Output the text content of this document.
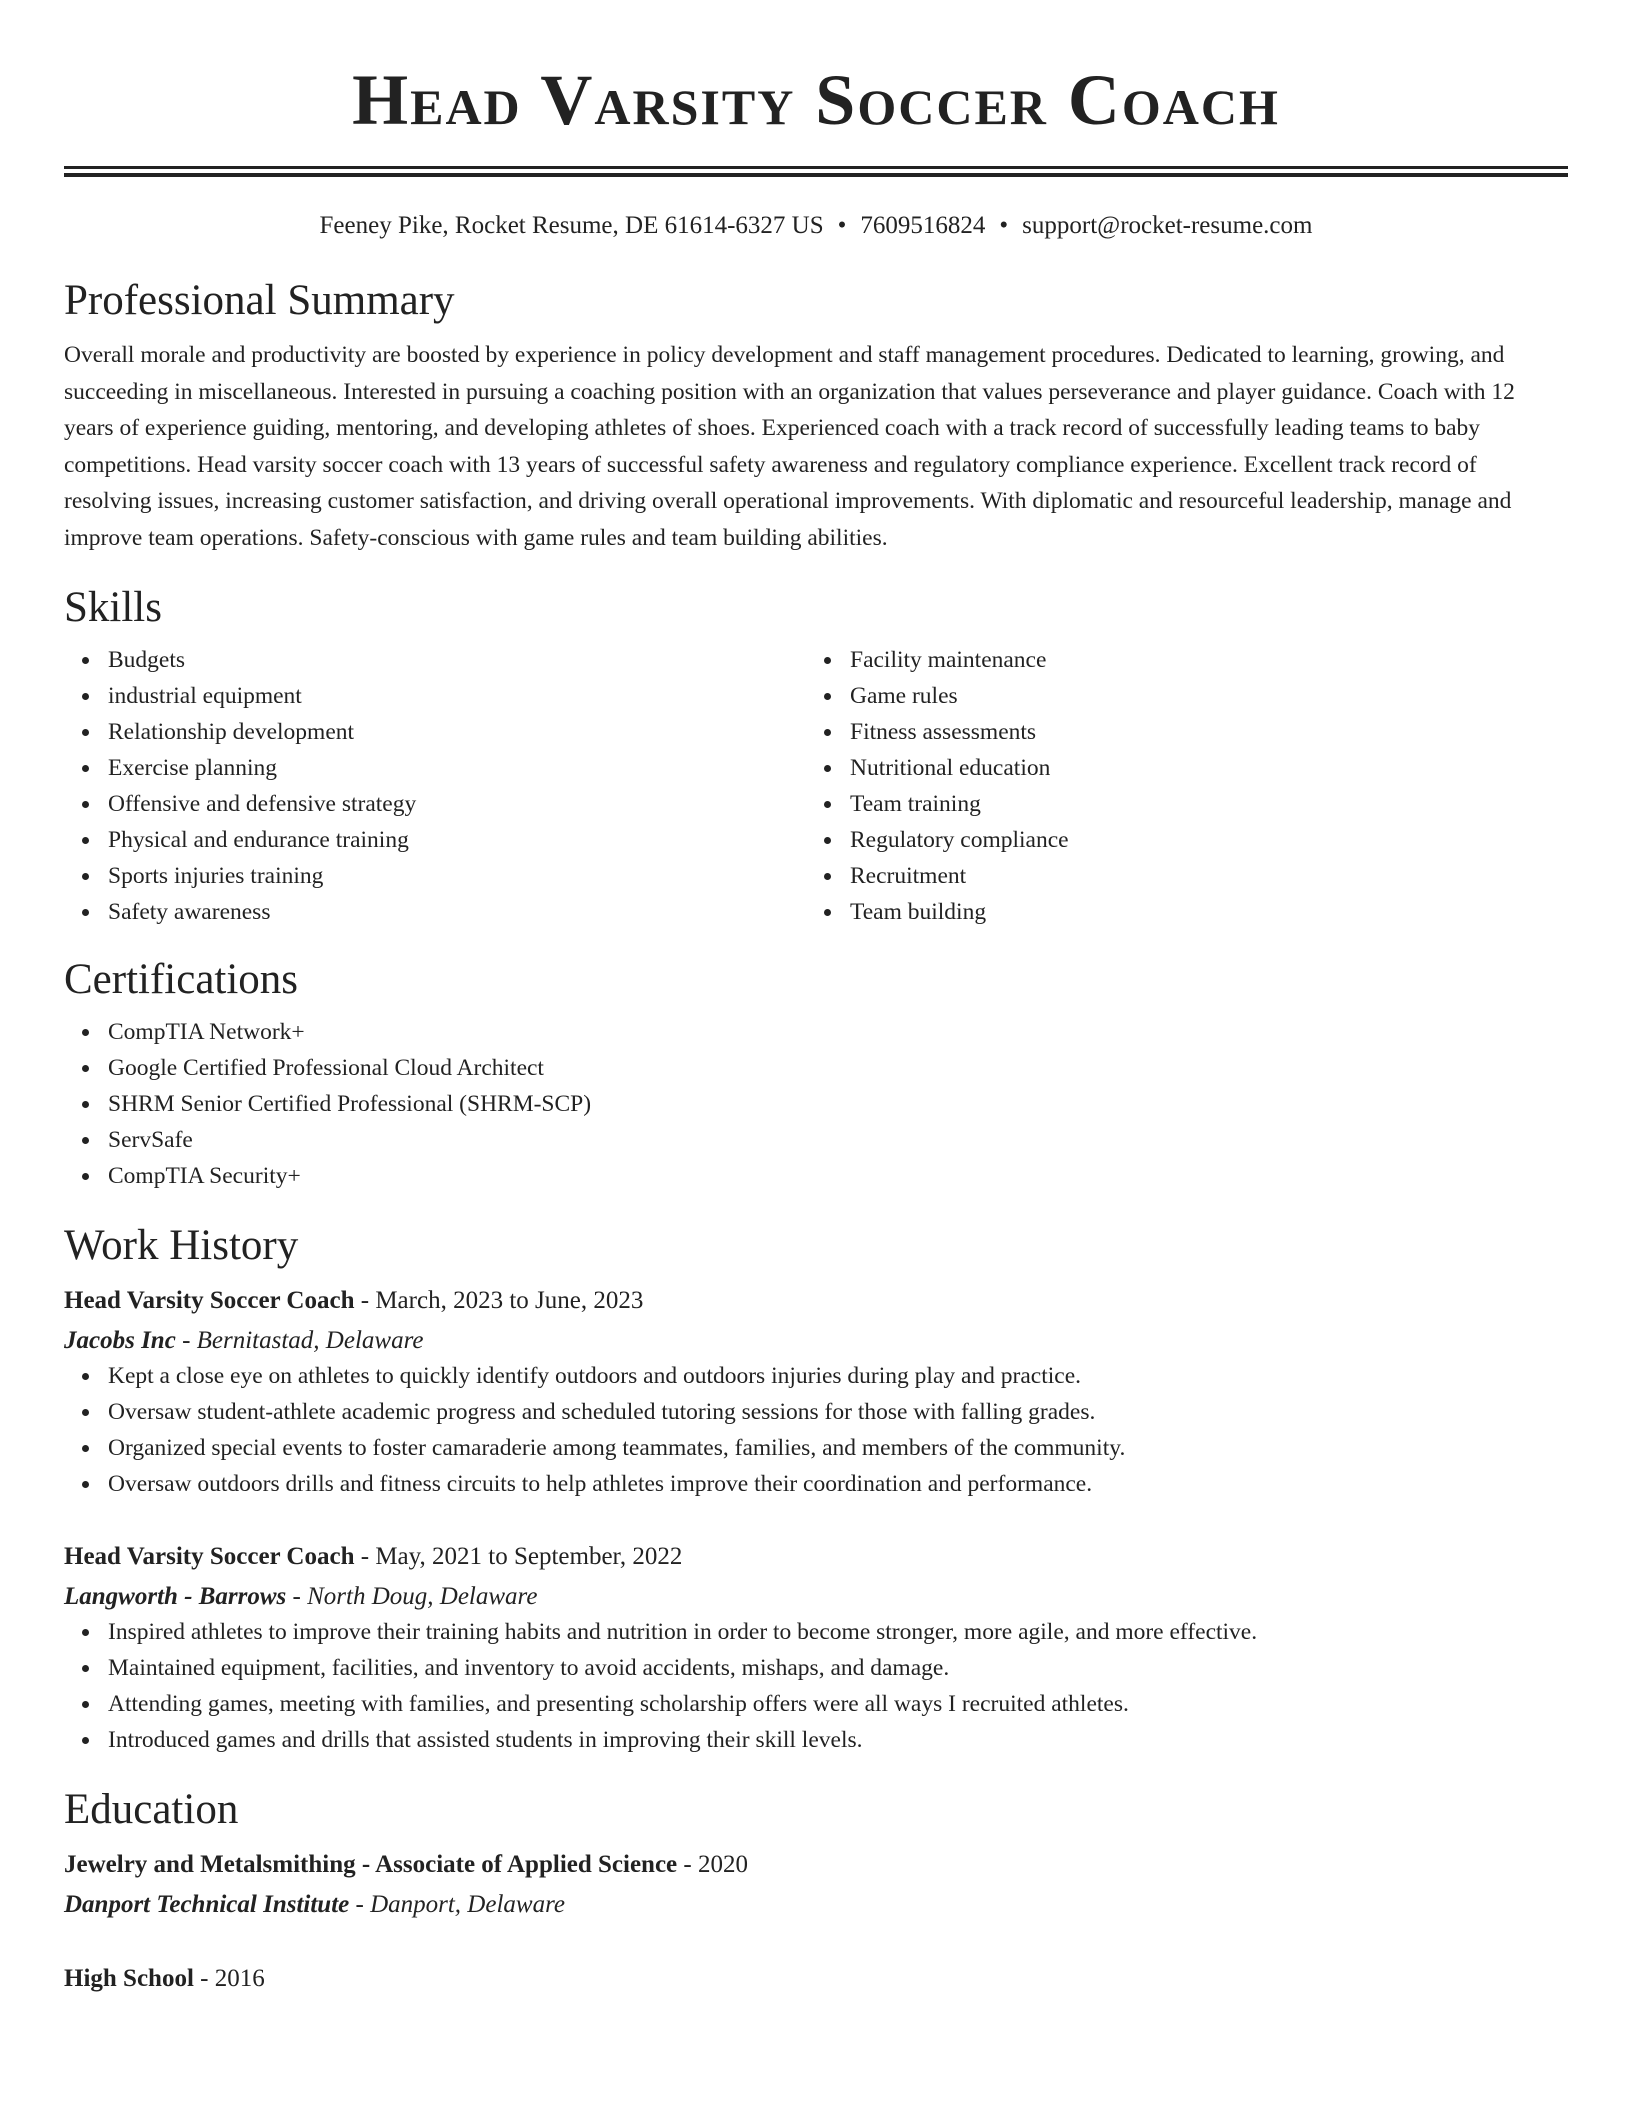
Head Varsity Soccer Coach
Feeney Pike, Rocket Resume, DE 61614-6327 US • 7609516824 • support@rocket-resume.com
Professional Summary

Overall morale and productivity are boosted by experience in policy development and staff management procedures. Dedicated to learning, growing, and succeeding in miscellaneous. Interested in pursuing a coaching position with an organization that values perseverance and player guidance. Coach with 12 years of experience guiding, mentoring, and developing athletes of shoes. Experienced coach with a track record of successfully leading teams to baby competitions. Head varsity soccer coach with 13 years of successful safety awareness and regulatory compliance experience. Excellent track record of resolving issues, increasing customer satisfaction, and driving overall operational improvements. With diplomatic and resourceful leadership, manage and improve team operations. Safety-conscious with game rules and team building abilities.

Skills
Budgets
industrial equipment
Relationship development
Exercise planning
Offensive and defensive strategy
Physical and endurance training
Sports injuries training
Safety awareness
Facility maintenance
Game rules
Fitness assessments
Nutritional education
Team training
Regulatory compliance
Recruitment
Team building
Certifications
CompTIA Network+
Google Certified Professional Cloud Architect
SHRM Senior Certified Professional (SHRM-SCP)
ServSafe
CompTIA Security+
Work History
Head Varsity Soccer Coach - March, 2023 to June, 2023
Jacobs Inc - Bernitastad, Delaware
Kept a close eye on athletes to quickly identify outdoors and outdoors injuries during play and practice.
Oversaw student-athlete academic progress and scheduled tutoring sessions for those with falling grades.
Organized special events to foster camaraderie among teammates, families, and members of the community.
Oversaw outdoors drills and fitness circuits to help athletes improve their coordination and performance.
Head Varsity Soccer Coach - May, 2021 to September, 2022
Langworth - Barrows - North Doug, Delaware
Inspired athletes to improve their training habits and nutrition in order to become stronger, more agile, and more effective.
Maintained equipment, facilities, and inventory to avoid accidents, mishaps, and damage.
Attending games, meeting with families, and presenting scholarship offers were all ways I recruited athletes.
Introduced games and drills that assisted students in improving their skill levels.
Education
Jewelry and Metalsmithing - Associate of Applied Science - 2020
Danport Technical Institute - Danport, Delaware
High School - 2016
